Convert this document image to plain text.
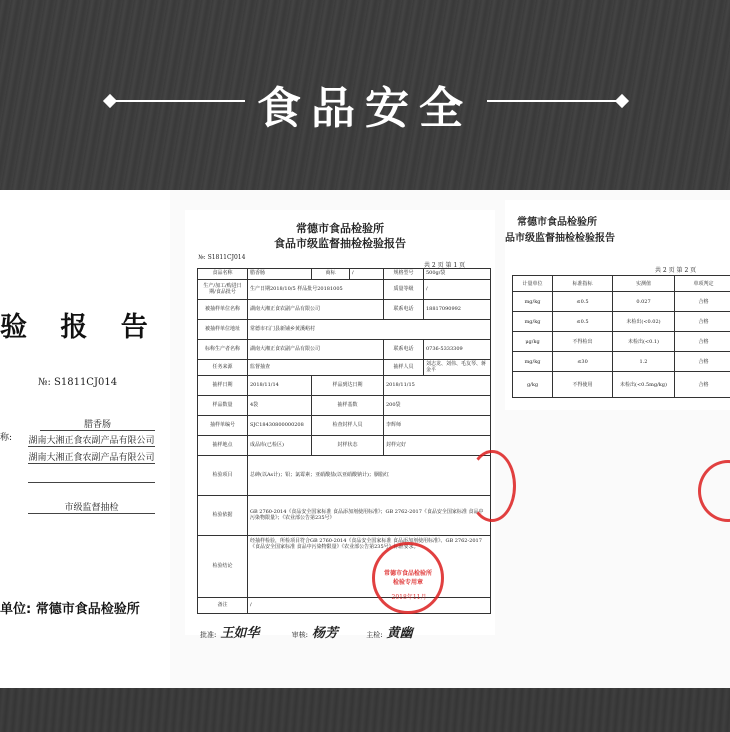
食品安全
验 报 告
№: S1811CJ014
腊香肠
称: 湖南大湘正食农副产品有限公司
湖南大湘正食农副产品有限公司

市级监督抽检
单位: 常德市食品检验所
常德市食品检验所
食品市级监督抽检检验报告
№: S1811CJ014
共 2 页 第 1 页
食品名称	腊香肠	商标	/	规格型号	500g/袋
生产/加工/购进日期/食品批号	生产日期2018/10/5 样品批号20181005			质量等级	/
被抽样单位名称	湖南大湘正食农副产品有限公司			联系电话	18817090992
被抽样单位地址	常德市石门县新铺乡黄溪峪村				
标称生产者名称	湖南大湘正食农副产品有限公司			联系电话	0736-5333309
任务来源	监督抽查			抽样人员	刘志龙、刘伟、毛友琴、蒋金平
抽样日期	2018/11/14	样品到达日期		2018/11/15	
样品数量	4袋	抽样基数		200袋	
抽样单编号	SJC18430800000208	检查封样人员		李辉师	
抽样地点	成品库(已检区)	封样状态		封样完好	
检验项目	总砷(以As计)；铅；氯霉素；亚硝酸盐(以亚硝酸钠计)；胭脂红				
检验依据	GB 2760-2014《食品安全国家标准 食品添加剂使用标准》；GB 2762-2017《食品安全国家标准 食品中污染物限量》；《农业部公告第235号》				
检验结论	经抽样检验，所检项目符合GB 2760-2014《食品安全国家标准 食品添加剂使用标准》、GB 2762-2017《食品安全国家标准 食品中污染物限量》《农业部公告第235号》标准要求。				
备注	/				
常德市食品检验所 检验专用章
2018年11月
批准: 王如华	审核: 杨芳	主检: 黄幽
常德市食品检验所
品市级监督抽检检验报告
共 2 页 第 2 页
计量单位	标准指标	实测值	单项判定
mg/kg	≤0.5	0.027	合格
mg/kg	≤0.5	未检出(<0.02)	合格
μg/kg	不得检出	未检出(<0.1)	合格
mg/kg	≤30	1.2	合格
g/kg	不得使用	未检出(<0.5mg/kg)	合格
